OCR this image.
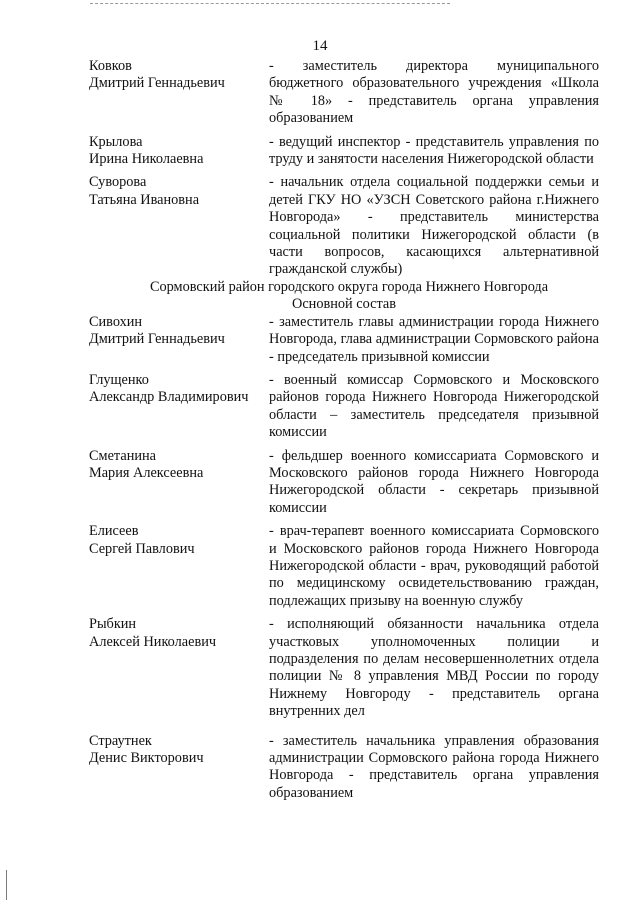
14
Ковков
Дмитрий Геннадьевич
- заместитель директора муниципального бюджетного образовательного учреждения «Школа № 18» - представитель органа управления образованием
Крылова
Ирина Николаевна
- ведущий инспектор - представитель управления по труду и занятости населения Нижегородской области
Суворова
Татьяна Ивановна
- начальник отдела социальной поддержки семьи и детей ГКУ НО «УЗСН Советского района г.Нижнего Новгорода» - представитель министерства социальной политики Нижегородской области (в части вопросов, касающихся альтернативной гражданской службы)
Сормовский район городского округа города Нижнего Новгорода
Основной состав
Сивохин
Дмитрий Геннадьевич
- заместитель главы администрации города Нижнего Новгорода, глава администрации Сормовского района - председатель призывной комиссии
Глущенко
Александр Владимирович
- военный комиссар Сормовского и Московского районов города Нижнего Новгорода Нижегородской области – заместитель председателя призывной комиссии
Сметанина
Мария Алексеевна
- фельдшер военного комиссариата Сормовского и Московского районов города Нижнего Новгорода Нижегородской области - секретарь призывной комиссии
Елисеев
Сергей Павлович
- врач-терапевт военного комиссариата Сормовского и Московского районов города Нижнего Новгорода Нижегородской области - врач, руководящий работой по медицинскому освидетельствованию граждан, подлежащих призыву на военную службу
Рыбкин
Алексей Николаевич
- исполняющий обязанности начальника отдела участковых уполномоченных полиции и подразделения по делам несовершеннолетних отдела полиции № 8 управления МВД России по городу Нижнему Новгороду - представитель органа внутренних дел
Страутнек
Денис Викторович
- заместитель начальника управления образования администрации Сормовского района города Нижнего Новгорода - представитель органа управления образованием
